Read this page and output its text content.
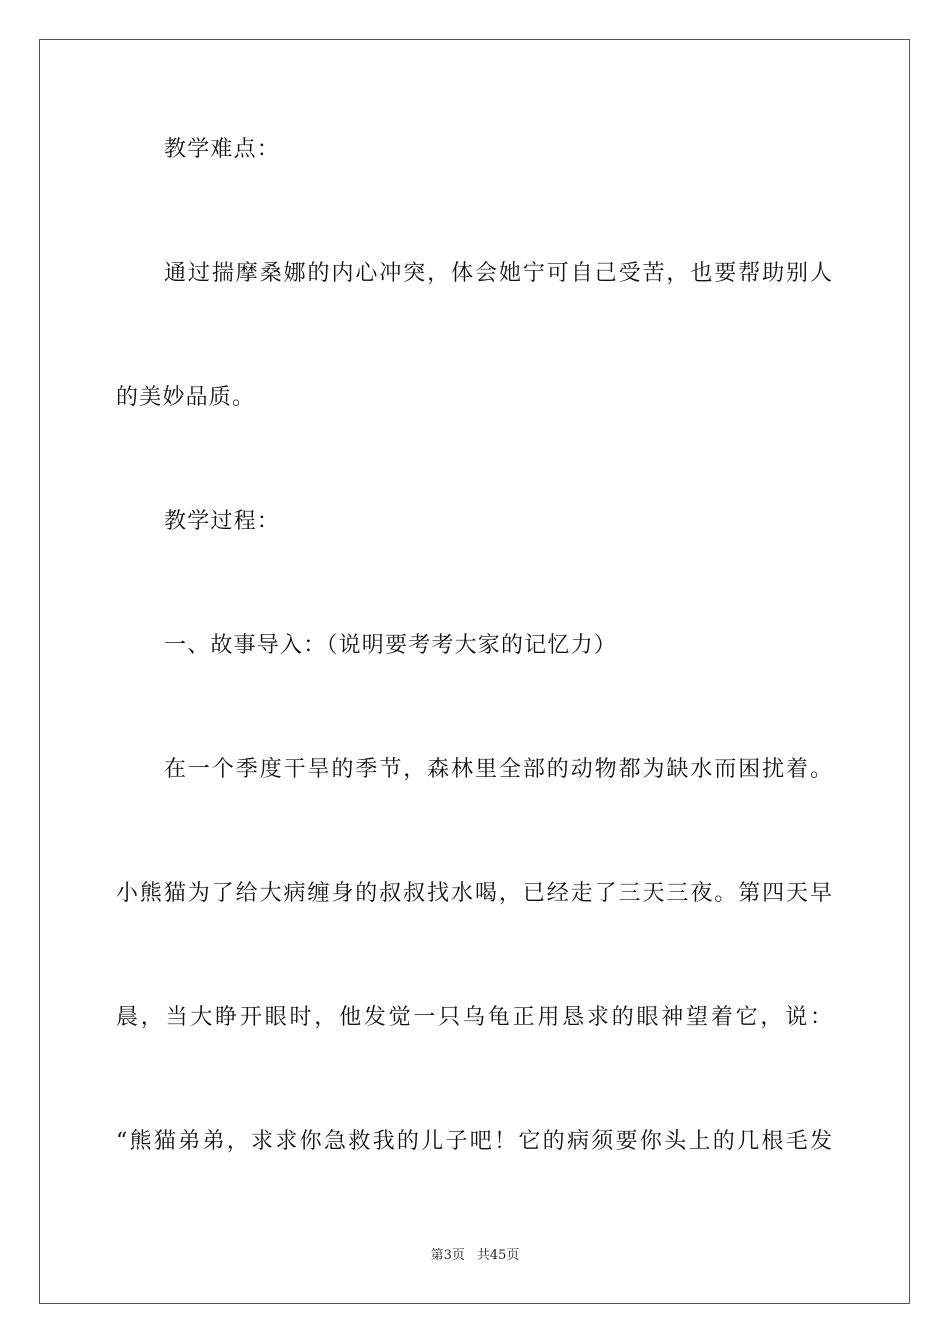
教学难点：
通过揣摩桑娜的内心冲突，体会她宁可自己受苦，也要帮助别人
的美妙品质。
教学过程：
一、故事导入：（说明要考考大家的记忆力）
在一个季度干旱的季节，森林里全部的动物都为缺水而困扰着。
小熊猫为了给大病缠身的叔叔找水喝，已经走了三天三夜。第四天早
晨，当大睁开眼时，他发觉一只乌龟正用恳求的眼神望着它，说：
“熊猫弟弟，求求你急救我的儿子吧！它的病须要你头上的几根毛发
第3页 共45页
